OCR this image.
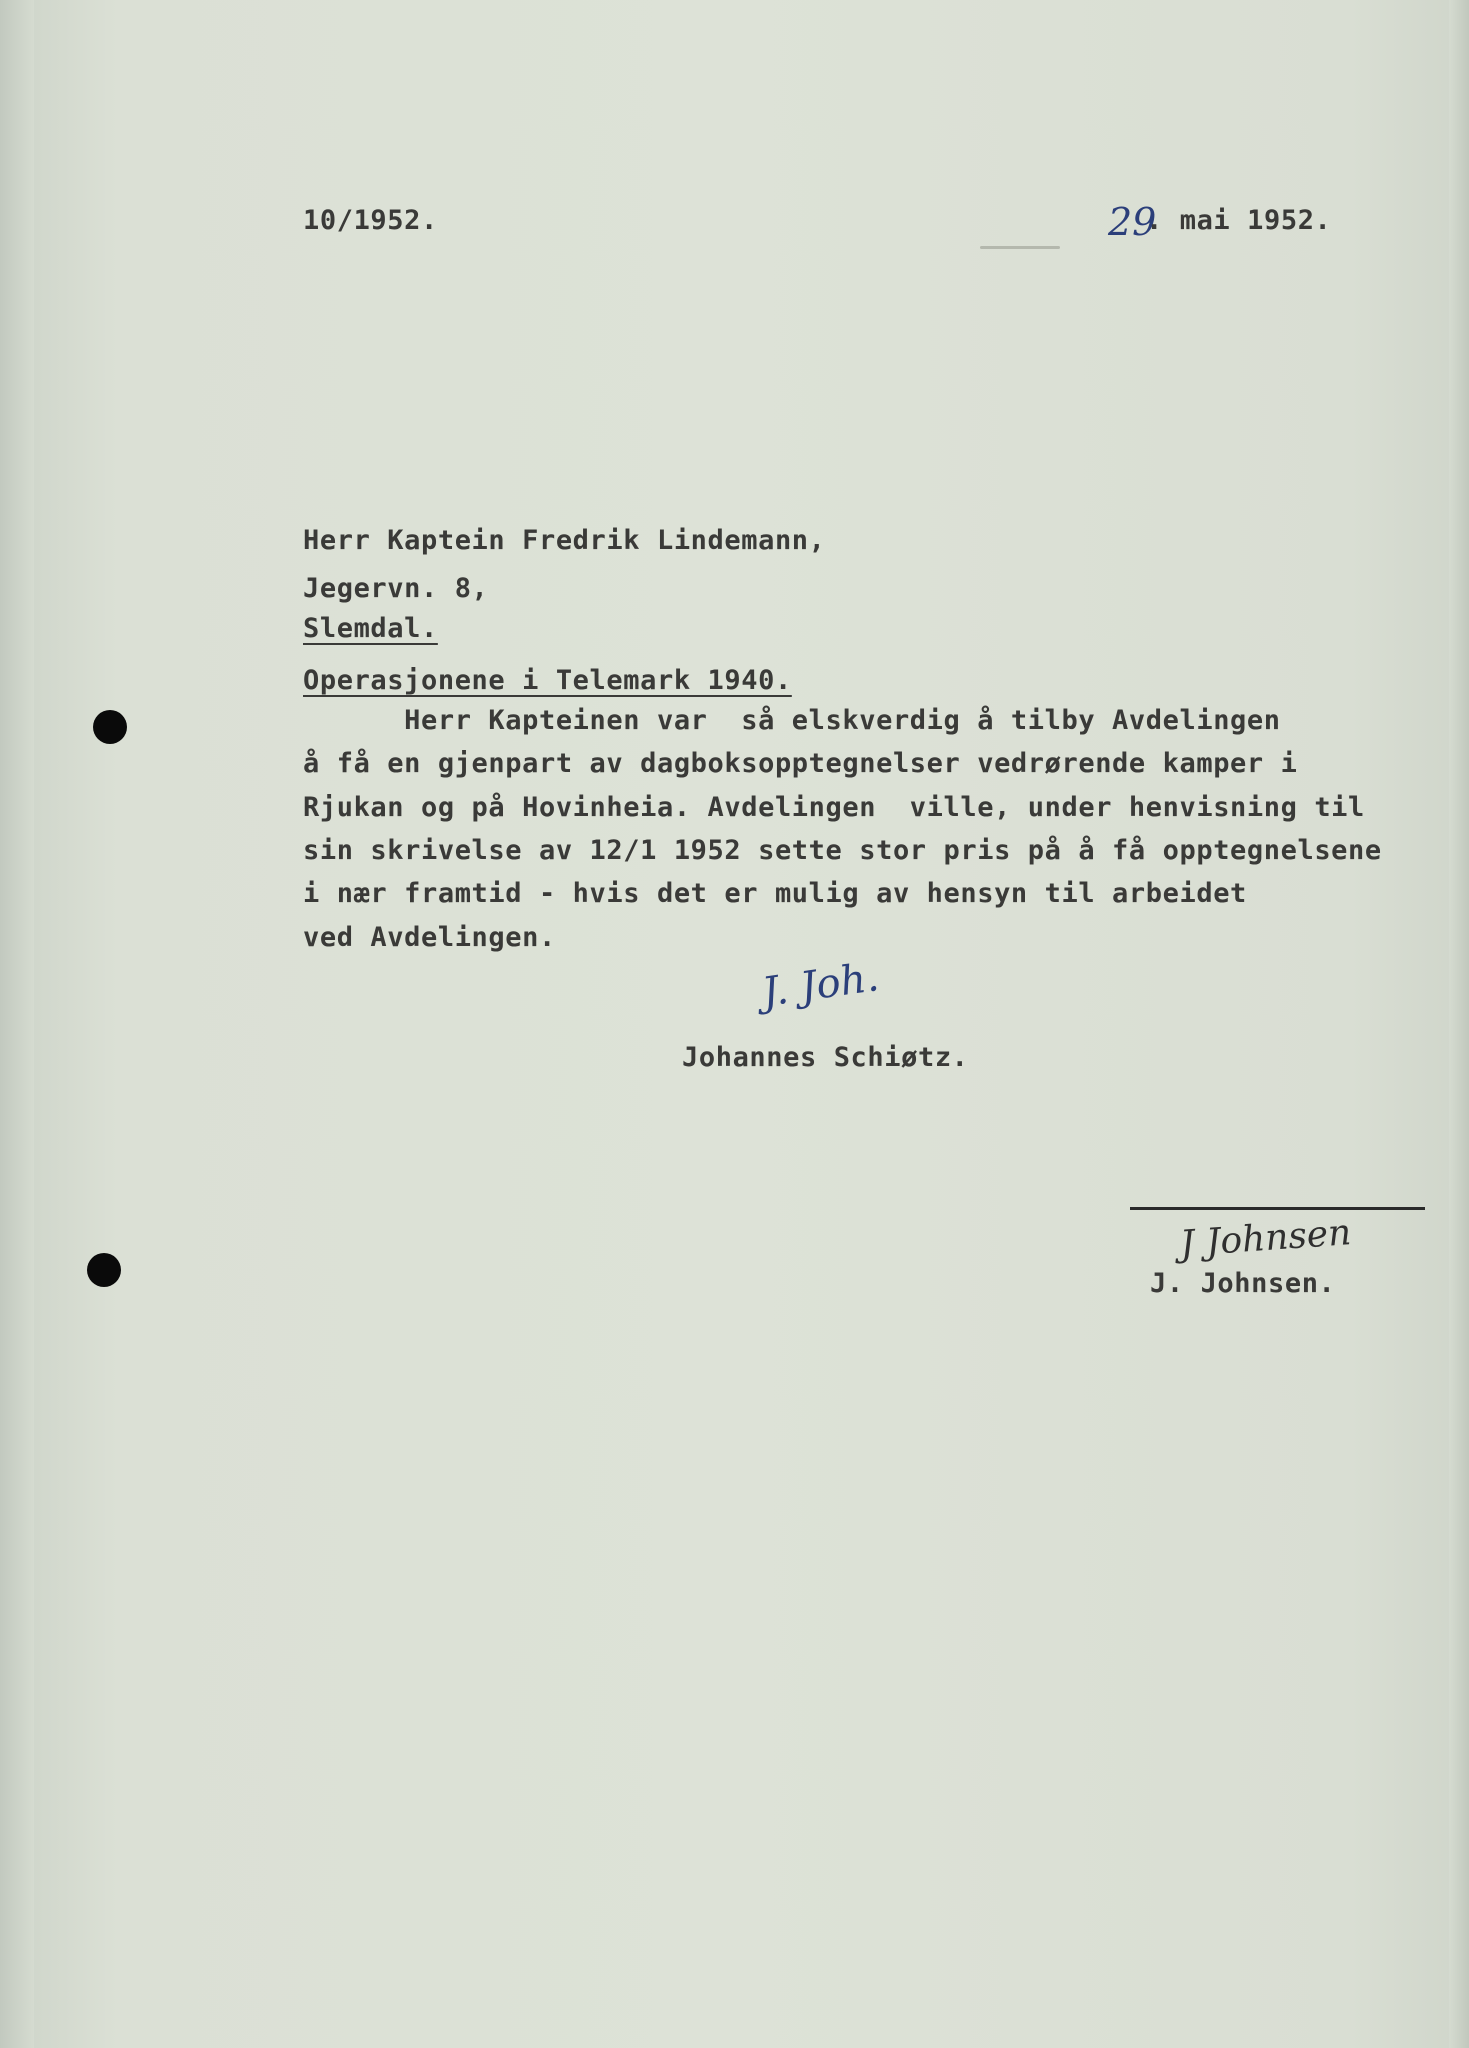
10/1952.	29

. mai 1952.

Herr Kaptein Fredrik Lindemann,

Jegervn. 8,

Slemdal.

Operasjonene i Telemark 1940.

Herr Kapteinen var  så elskverdig å tilby Avdelingen

å få en gjenpart av dagboksopptegnelser vedrørende kamper i

Rjukan og på Hovinheia. Avdelingen  ville, under henvisning til

sin skrivelse av 12/1 1952 sette stor pris på å få opptegnelsene

i nær framtid - hvis det er mulig av hensyn til arbeidet

ved Avdelingen.

J. Joh.

Johannes Schiøtz.

J Johnsen

J. Johnsen.
